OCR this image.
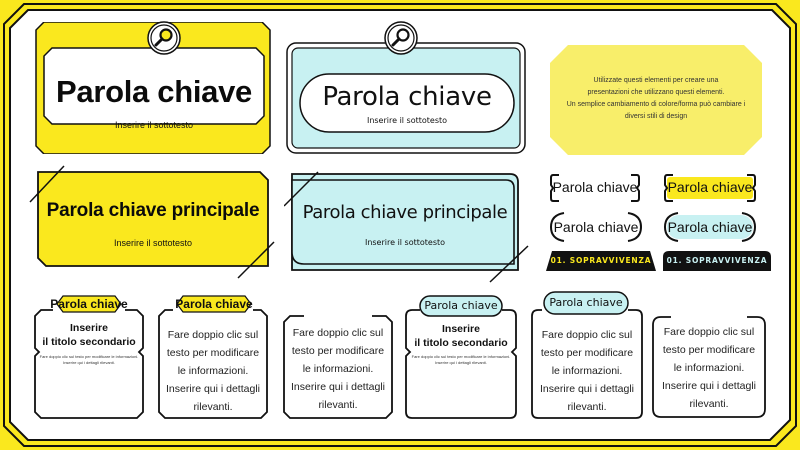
Parola chiave
Inserire il sottotesto
Parola chiave
Inserire il sottotesto
Utilizzate questi elementi per creare una
presentazioni che utilizzano questi elementi.
Un semplice cambiamento di colore/forma può cambiare i
diversi stili di design
Parola chiave principale
Inserire il sottotesto
Parola chiave principale
Inserire il sottotesto
Parola chiave Parola chiave
Parola chiave Parola chiave
01. SOPRAVVIVENZA	01. SOPRAVVIVENZA
Parola chiave
Inserire
il titolo secondario
Fare doppio clic sul testo per modificare le informazioni.
Inserire qui i dettagli rilevanti.
Parola chiave
Fare doppio clic sul
testo per modificare
le informazioni.
Inserire qui i dettagli
rilevanti.
Fare doppio clic sul
testo per modificare
le informazioni.
Inserire qui i dettagli
rilevanti.
Parola chiave
Inserire
il titolo secondario
Fare doppio clic sul testo per modificare le informazioni.
Inserire qui i dettagli rilevanti.
Parola chiave
Fare doppio clic sul
testo per modificare
le informazioni.
Inserire qui i dettagli
rilevanti.
Fare doppio clic sul
testo per modificare
le informazioni.
Inserire qui i dettagli
rilevanti.
